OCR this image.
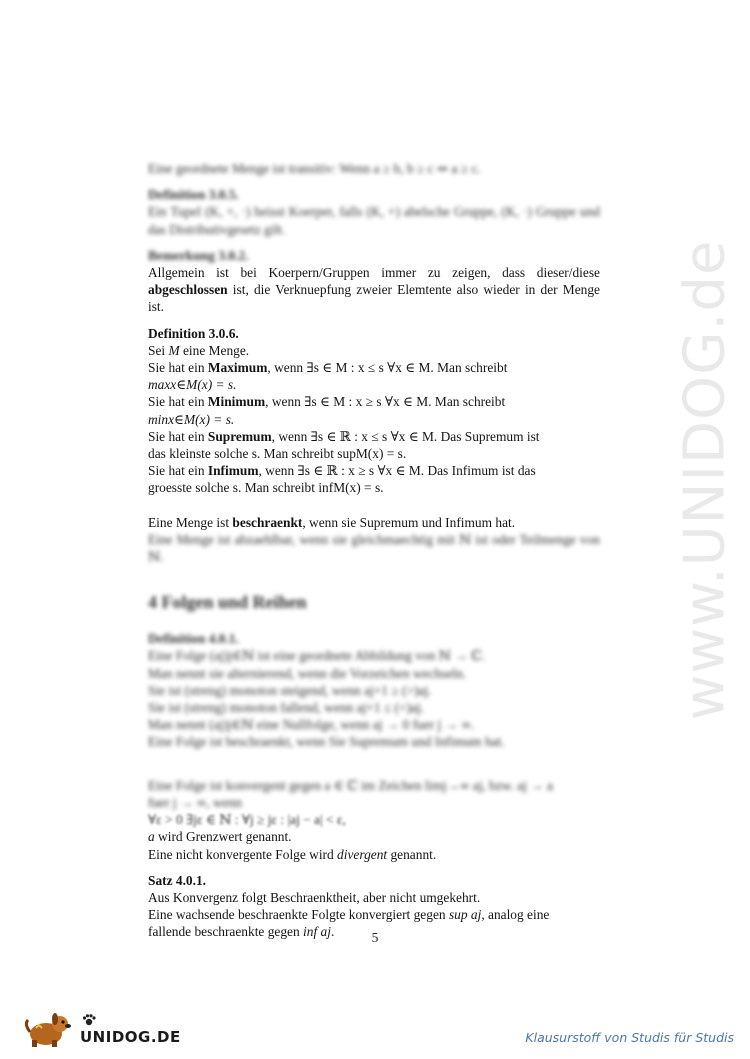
www.UNIDOG.de

Eine geordnete Menge ist transitiv: Wenn a ≥ b, b ≥ c ⇒ a ≥ c.

Definition 3.0.5.

Ein Tupel (K, +, ·) heisst Koerper, falls (K, +) abelsche Gruppe, (K, ·) Gruppe und das Distributivgesetz gilt.

Bemerkung 3.0.2.

Allgemein ist bei Koerpern/Gruppen immer zu zeigen, dass dieser/diese abgeschlossen ist, die Verknuepfung zweier Elemtente also wieder in der Menge ist.

Definition 3.0.6.

Sei M eine Menge.

Sie hat ein Maximum, wenn ∃s ∈ M : x ≤ s ∀x ∈ M. Man schreibt

maxx∈M(x) = s.

Sie hat ein Minimum, wenn ∃s ∈ M : x ≥ s ∀x ∈ M. Man schreibt

minx∈M(x) = s.

Sie hat ein Supremum, wenn ∃s ∈ ℝ : x ≤ s ∀x ∈ M. Das Supremum ist

das kleinste solche s. Man schreibt supM(x) = s.

Sie hat ein Infimum, wenn ∃s ∈ ℝ : x ≥ s ∀x ∈ M. Das Infimum ist das

groesste solche s. Man schreibt infM(x) = s.

Eine Menge ist beschraenkt, wenn sie Supremum und Infimum hat.

Eine Menge ist abzaehlbar, wenn sie gleichmaechtig mit ℕ ist oder Teilmenge von ℕ.

4 Folgen und Reihen

Definition 4.0.1.

Eine Folge (aj)j∈ℕ ist eine geordnete Abbildung von ℕ → ℂ.

Man nennt sie alternierend, wenn die Vorzeichen wechseln.

Sie ist (streng) monoton steigend, wenn aj+1 ≥ (>)aj.

Sie ist (streng) monoton fallend, wenn aj+1 ≤ (<)aj.

Man nennt (aj)j∈ℕ eine Nullfolge, wenn aj → 0 fuer j → ∞.

Eine Folge ist beschraenkt, wenn Sie Supremum und Infimum hat.

Eine Folge ist konvergent gegen a ∈ ℂ im Zeichen limj→∞ aj, bzw. aj → a

fuer j → ∞, wenn

∀ε > 0 ∃jε ∈ ℕ : ∀j ≥ jε : |aj − a| < ε,

a wird Grenzwert genannt.

Eine nicht konvergente Folge wird divergent genannt.

Satz 4.0.1.

Aus Konvergenz folgt Beschraenktheit, aber nicht umgekehrt.

Eine wachsende beschraenkte Folgte konvergiert gegen sup aj, analog eine

fallende beschraenkte gegen inf aj.	5
UNIDOG.DE	Klausurstoff von Studis für Studis
